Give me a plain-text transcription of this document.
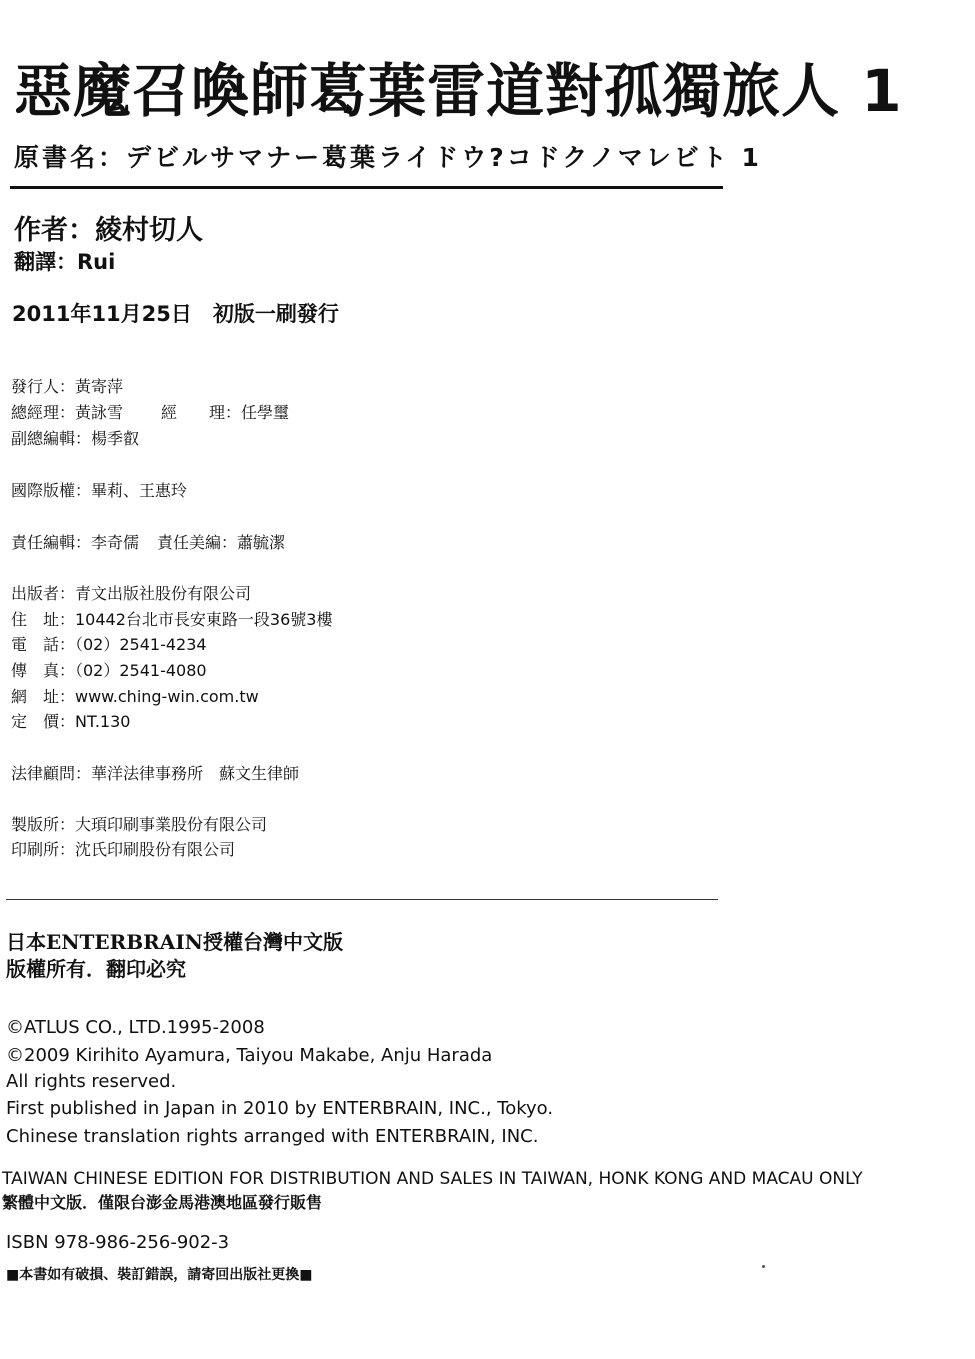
惡魔召喚師葛葉雷道對孤獨旅人 1
原書名：デビルサマナー葛葉ライドウ?コドクノマレビト 1
作者：綾村切人
翻譯：Rui
2011年11月25日　初版一刷發行
發行人：黃寄萍
總經理：黃詠雪 經　　理：任學璽
副總編輯：楊季叡
國際版權：畢莉、王惠玲
責任編輯：李奇儒 責任美編：蕭毓潔
出版者：青文出版社股份有限公司
住　址：10442台北市長安東路一段36號3樓
電　話：（02）2541-4234
傳　真：（02）2541-4080
網　址：www.ching-win.com.tw
定　價：NT.130
法律顧問：華洋法律事務所　蘇文生律師
製版所：大頊印刷事業股份有限公司
印刷所：沈氏印刷股份有限公司
日本ENTERBRAIN授權台灣中文版
版權所有．翻印必究
©ATLUS CO., LTD.1995-2008
©2009 Kirihito Ayamura, Taiyou Makabe, Anju Harada
All rights reserved.
First published in Japan in 2010 by ENTERBRAIN, INC., Tokyo.
Chinese translation rights arranged with ENTERBRAIN, INC.
TAIWAN CHINESE EDITION FOR DISTRIBUTION AND SALES IN TAIWAN, HONK KONG AND MACAU ONLY
繁體中文版．僅限台澎金馬港澳地區發行販售
ISBN 978-986-256-902-3
■本書如有破損、裝訂錯誤，請寄回出版社更換■
